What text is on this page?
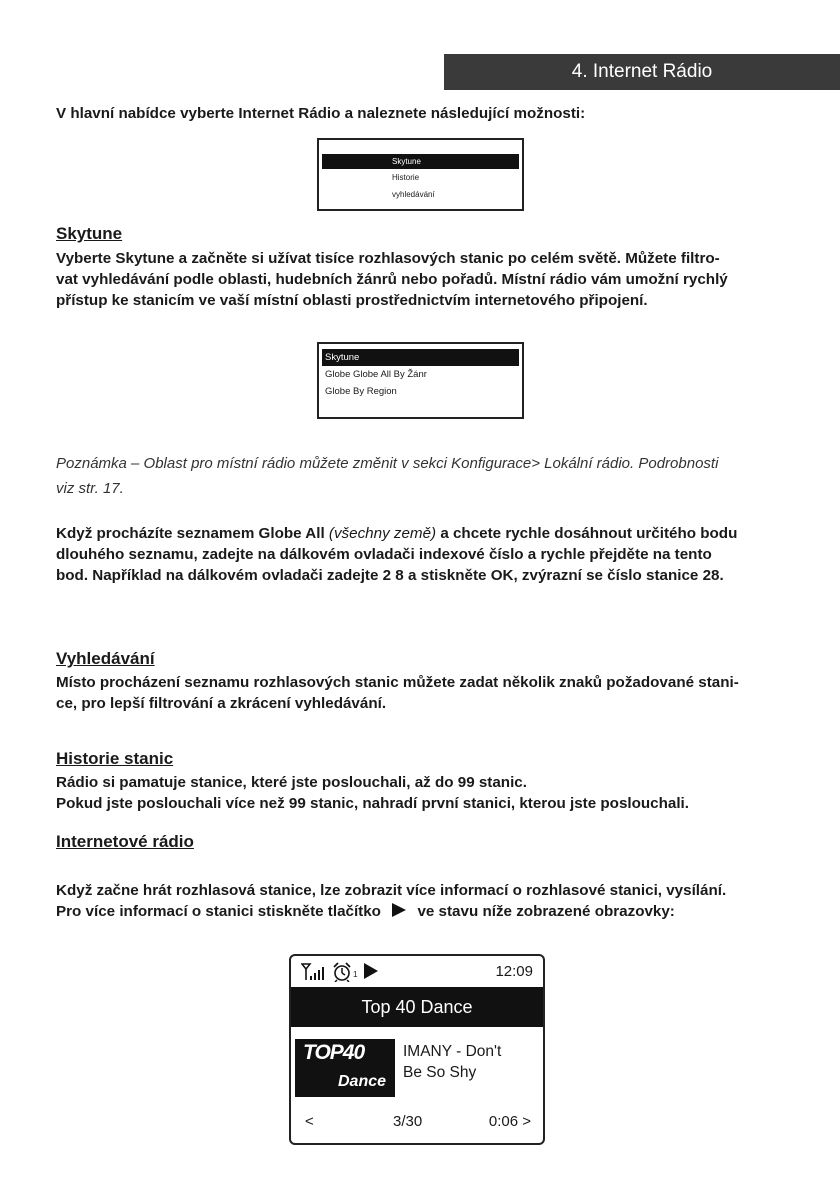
4. Internet Rádio

V hlavní nabídce vyberte Internet Rádio a naleznete následující možnosti:

Skytune
Historie
vyhledávání
Skytune

Vyberte Skytune a začněte si užívat tisíce rozhlasových stanic po celém světě. Můžete filtro-
vat vyhledávání podle oblasti, hudebních žánrů nebo pořadů. Místní rádio vám umožní rychlý
přístup ke stanicím ve vaší místní oblasti prostřednictvím internetového připojení.

Skytune
Globe Globe All By Žánr
Globe By Region

Poznámka – Oblast pro místní rádio můžete změnit v sekci Konfigurace> Lokální rádio. Podrobnosti
viz str. 17.

Když procházíte seznamem Globe All (všechny země) a chcete rychle dosáhnout určitého bodu
dlouhého seznamu, zadejte na dálkovém ovladači indexové číslo a rychle přejděte na tento
bod. Například na dálkovém ovladači zadejte 2 8 a stiskněte OK, zvýrazní se číslo stanice 28.

Vyhledávání

Místo procházení seznamu rozhlasových stanic můžete zadat několik znaků požadované stani-
ce, pro lepší filtrování a zkrácení vyhledávání.

Historie stanic

Rádio si pamatuje stanice, které jste poslouchali, až do 99 stanic.
Pokud jste poslouchali více než 99 stanic, nahradí první stanici, kterou jste poslouchali.

Internetové rádio

Když začne hrát rozhlasová stanice, lze zobrazit více informací o rozhlasové stanici, vysílání.
Pro více informací o stanici stiskněte tlačítko ve stavu níže zobrazené obrazovky:

1	12:09
Top 40 Dance
TOP40
Dance
IMANY - Don't
Be So Shy
<	3/30	0:06 >
